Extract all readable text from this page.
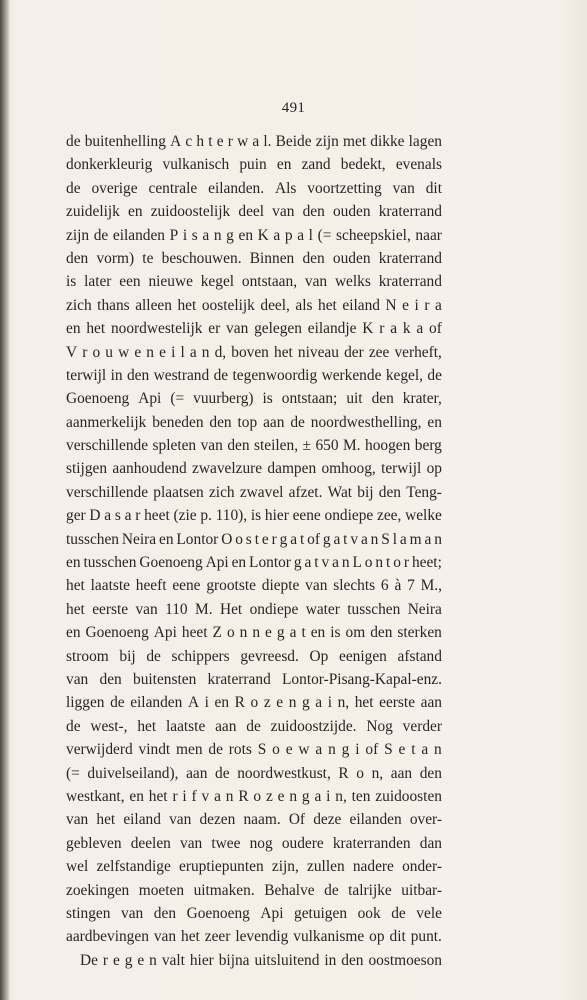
491
de buitenhelling A c h t e r w a l. Beide zijn met dikke lagen
donkerkleurig vulkanisch puin en zand bedekt, evenals
de overige centrale eilanden. Als voortzetting van dit
zuidelijk en zuidoostelijk deel van den ouden kraterrand
zijn de eilanden P i s a n g en K a p a l (= scheepskiel, naar
den vorm) te beschouwen. Binnen den ouden kraterrand
is later een nieuwe kegel ontstaan, van welks kraterrand
zich thans alleen het oostelijk deel, als het eiland N e i r a
en het noordwestelijk er van gelegen eilandje K r a k a of
V r o u w e n e i l a n d, boven het niveau der zee verheft,
terwijl in den westrand de tegenwoordig werkende kegel, de
Goenoeng Api (= vuurberg) is ontstaan; uit den krater,
aanmerkelijk beneden den top aan de noordwesthelling, en
verschillende spleten van den steilen, ± 650 M. hoogen berg
stijgen aanhoudend zwavelzure dampen omhoog, terwijl op
verschillende plaatsen zich zwavel afzet. Wat bij den Teng-
ger D a s a r heet (zie p. 110), is hier eene ondiepe zee, welke
tusschen Neira en Lontor O o s t e r g a t of g a t v a n S l a m a n
en tusschen Goenoeng Api en Lontor g a t v a n L o n t o r heet;
het laatste heeft eene grootste diepte van slechts 6 à 7 M.,
het eerste van 110 M. Het ondiepe water tusschen Neira
en Goenoeng Api heet Z o n n e g a t en is om den sterken
stroom bij de schippers gevreesd. Op eenigen afstand
van den buitensten kraterrand Lontor-Pisang-Kapal-enz.
liggen de eilanden A i en R o z e n g a i n, het eerste aan
de west-, het laatste aan de zuidoostzijde. Nog verder
verwijderd vindt men de rots S o e w a n g i of S e t a n
(= duivelseiland), aan de noordwestkust, R o n, aan den
westkant, en het r i f v a n R o z e n g a i n, ten zuidoosten
van het eiland van dezen naam. Of deze eilanden over-
gebleven deelen van twee nog oudere kraterranden dan
wel zelfstandige eruptiepunten zijn, zullen nadere onder-
zoekingen moeten uitmaken. Behalve de talrijke uitbar-
stingen van den Goenoeng Api getuigen ook de vele
aardbevingen van het zeer levendig vulkanisme op dit punt.
De r e g e n valt hier bijna uitsluitend in den oostmoeson
